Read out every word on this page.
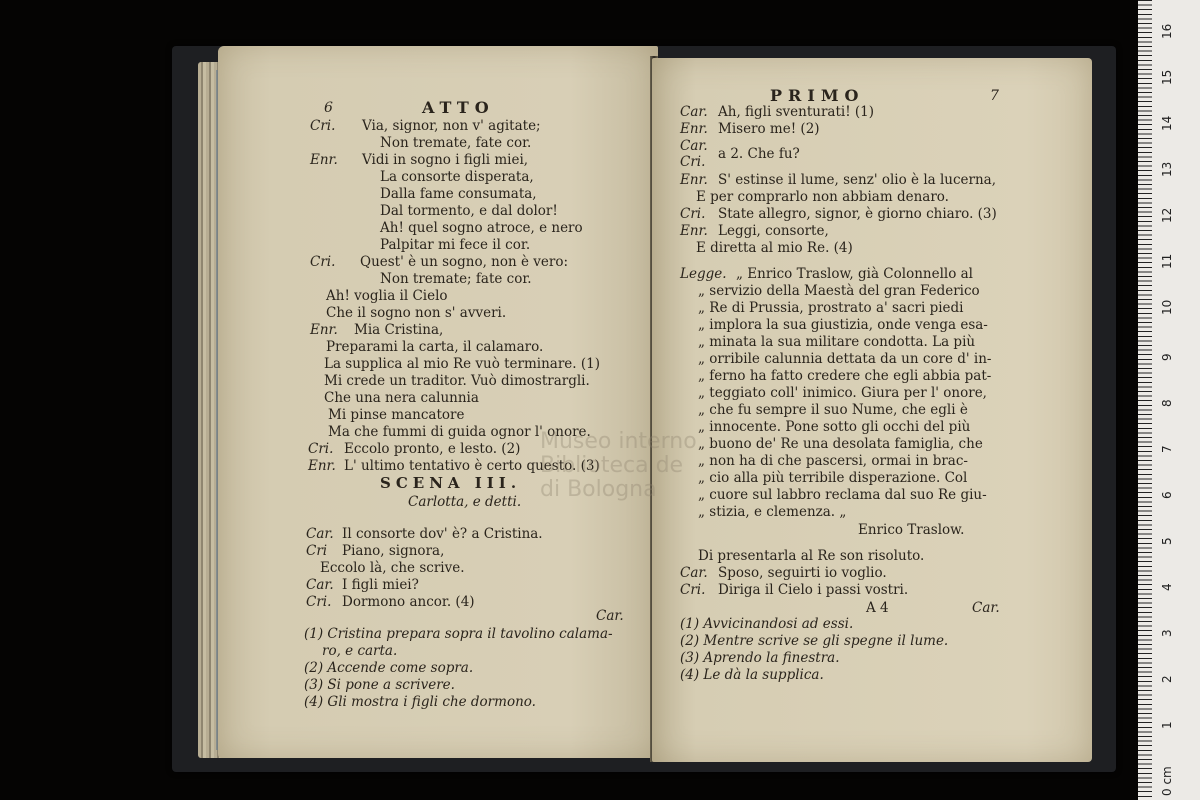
6	ATTO
Cri. Via, signor, non v' agitate;
Non tremate, fate cor.
Enr. Vidi in sogno i figli miei,
La consorte disperata,
Dalla fame consumata,
Dal tormento, e dal dolor!
Ah! quel sogno atroce, e nero
Palpitar mi fece il cor.
Cri. Quest' è un sogno, non è vero:
Non tremate; fate cor.
Ah! voglia il Cielo
Che il sogno non s' avveri.
Enr. Mia Cristina,
Preparami la carta, il calamaro.
La supplica al mio Re vuò terminare. (1)
Mi crede un traditor. Vuò dimostrargli.
Che una nera calunnia
Mi pinse mancatore
Ma che fummi di guida ognor l' onore.
Cri. Eccolo pronto, e lesto. (2)
Enr. L' ultimo tentativo è certo questo. (3)
SCENA III.
Carlotta, e detti.
Car. Il consorte dov' è? a Cristina.
Cri Piano, signora,
Eccolo là, che scrive.
Car. I figli miei?
Cri. Dormono ancor. (4)
Car.
(1) Cristina prepara sopra il tavolino calama-
ro, e carta.
(2) Accende come sopra.
(3) Si pone a scrivere.
(4) Gli mostra i figli che dormono.
PRIMO	7
Car. Ah, figli sventurati! (1)
Enr. Misero me! (2)
Car.
Cri. a 2. Che fu?
Enr. S' estinse il lume, senz' olio è la lucerna,
E per comprarlo non abbiam denaro.
Cri. State allegro, signor, è giorno chiaro. (3)
Enr. Leggi, consorte,
E diretta al mio Re. (4)
Legge. „ Enrico Traslow, già Colonnello al
„ servizio della Maestà del gran Federico
„ Re di Prussia, prostrato a' sacri piedi
„ implora la sua giustizia, onde venga esa-
„ minata la sua militare condotta. La più
„ orribile calunnia dettata da un core d' in-
„ ferno ha fatto credere che egli abbia pat-
„ teggiato coll' inimico. Giura per l' onore,
„ che fu sempre il suo Nume, che egli è
„ innocente. Pone sotto gli occhi del più
„ buono de' Re una desolata famiglia, che
„ non ha di che pascersi, ormai in brac-
„ cio alla più terribile disperazione. Col
„ cuore sul labbro reclama dal suo Re giu-
„ stizia, e clemenza. „
Enrico Traslow.
Di presentarla al Re son risoluto.
Car. Sposo, seguirti io voglio.
Cri. Diriga il Cielo i passi vostri.
A 4	Car.
(1) Avvicinandosi ad essi.
(2) Mentre scrive se gli spegne il lume.
(3) Aprendo la finestra.
(4) Le dà la supplica.
Museo interno
Biblioteca de
di Bologna
0 cm
1
2
3
4
5
6
7
8
9
10
11
12
13
14
15
16
